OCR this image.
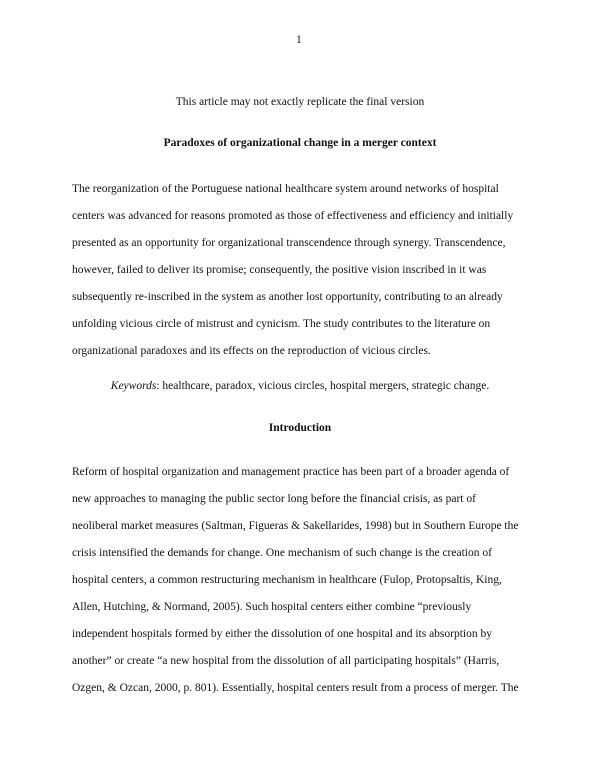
1
This article may not exactly replicate the final version
Paradoxes of organizational change in a merger context
The reorganization of the Portuguese national healthcare system around networks of hospital
centers was advanced for reasons promoted as those of effectiveness and efficiency and initially
presented as an opportunity for organizational transcendence through synergy. Transcendence,
however, failed to deliver its promise; consequently, the positive vision inscribed in it was
subsequently re-inscribed in the system as another lost opportunity, contributing to an already
unfolding vicious circle of mistrust and cynicism. The study contributes to the literature on
organizational paradoxes and its effects on the reproduction of vicious circles.
Keywords: healthcare, paradox, vicious circles, hospital mergers, strategic change.
Introduction
Reform of hospital organization and management practice has been part of a broader agenda of
new approaches to managing the public sector long before the financial crisis, as part of
neoliberal market measures (Saltman, Figueras & Sakellarides, 1998) but in Southern Europe the
crisis intensified the demands for change. One mechanism of such change is the creation of
hospital centers, a common restructuring mechanism in healthcare (Fulop, Protopsaltis, King,
Allen, Hutching, & Normand, 2005). Such hospital centers either combine “previously
independent hospitals formed by either the dissolution of one hospital and its absorption by
another” or create “a new hospital from the dissolution of all participating hospitals” (Harris,
Ozgen, & Ozcan, 2000, p. 801). Essentially, hospital centers result from a process of merger. The
